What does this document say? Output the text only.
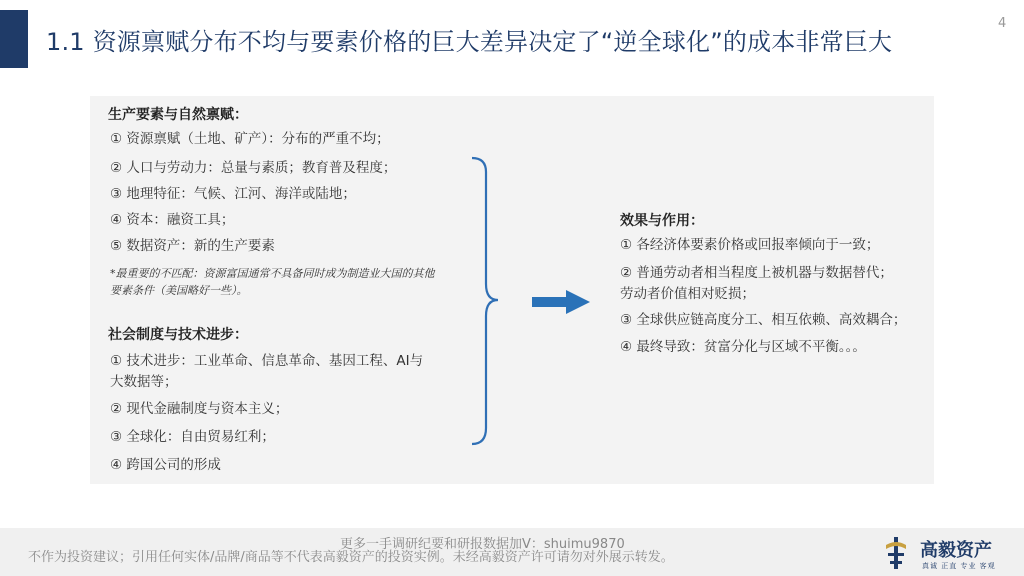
1.1 资源禀赋分布不均与要素价格的巨大差异决定了“逆全球化”的成本非常巨大
4
生产要素与自然禀赋：
① 资源禀赋（土地、矿产）：分布的严重不均；
② 人口与劳动力：总量与素质；教育普及程度；
③ 地理特征：气候、江河、海洋或陆地；
④ 资本：融资工具；
⑤ 数据资产：新的生产要素
*最重要的不匹配：资源富国通常不具备同时成为制造业大国的其他
要素条件（美国略好一些）。
社会制度与技术进步：
① 技术进步：工业革命、信息革命、基因工程、AI与
大数据等；
② 现代金融制度与资本主义；
③ 全球化：自由贸易红利；
④ 跨国公司的形成
效果与作用：
① 各经济体要素价格或回报率倾向于一致；
② 普通劳动者相当程度上被机器与数据替代；
劳动者价值相对贬损；
③ 全球供应链高度分工、相互依赖、高效耦合；
④ 最终导致：贫富分化与区域不平衡。。。
不作为投资建议；引用任何实体/品牌/商品等不代表高毅资产的投资实例。未经高毅资产许可请勿对外展示转发。
更多一手调研纪要和研报数据加V：shuimu9870	高毅资产
真诚 正直 专业 客观
